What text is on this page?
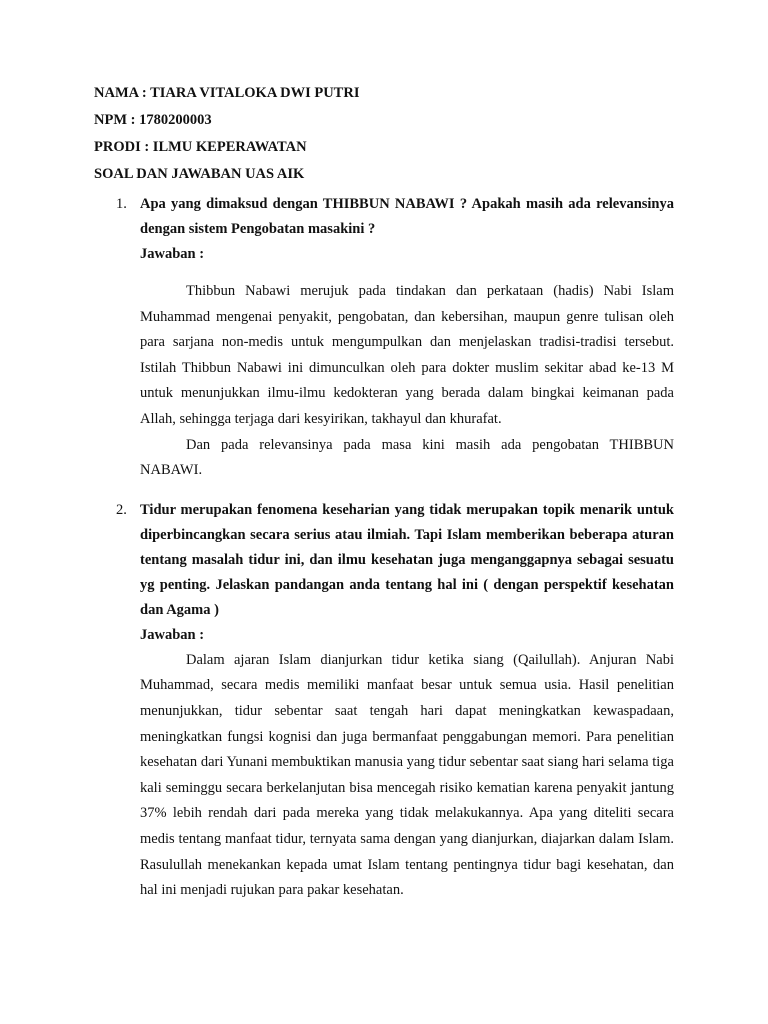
NAMA : TIARA VITALOKA DWI PUTRI
NPM : 1780200003
PRODI : ILMU KEPERAWATAN
SOAL DAN JAWABAN UAS AIK
1. Apa yang dimaksud dengan THIBBUN NABAWI ? Apakah masih ada relevansinya dengan sistem Pengobatan masakini ?
Jawaban :

Thibbun Nabawi merujuk pada tindakan dan perkataan (hadis) Nabi Islam Muhammad mengenai penyakit, pengobatan, dan kebersihan, maupun genre tulisan oleh para sarjana non-medis untuk mengumpulkan dan menjelaskan tradisi-tradisi tersebut. Istilah Thibbun Nabawi ini dimunculkan oleh para dokter muslim sekitar abad ke-13 M untuk menunjukkan ilmu-ilmu kedokteran yang berada dalam bingkai keimanan pada Allah, sehingga terjaga dari kesyirikan, takhayul dan khurafat.

Dan pada relevansinya pada masa kini masih ada pengobatan THIBBUN NABAWI.

2. Tidur merupakan fenomena keseharian yang tidak merupakan topik menarik untuk diperbincangkan secara serius atau ilmiah. Tapi Islam memberikan beberapa aturan tentang masalah tidur ini, dan ilmu kesehatan juga menganggapnya sebagai sesuatu yg penting. Jelaskan pandangan anda tentang hal ini ( dengan perspektif kesehatan dan Agama )
Jawaban :

Dalam ajaran Islam dianjurkan tidur ketika siang (Qailullah). Anjuran Nabi Muhammad, secara medis memiliki manfaat besar untuk semua usia. Hasil penelitian menunjukkan, tidur sebentar saat tengah hari dapat meningkatkan kewaspadaan, meningkatkan fungsi kognisi dan juga bermanfaat penggabungan memori. Para penelitian kesehatan dari Yunani membuktikan manusia yang tidur sebentar saat siang hari selama tiga kali seminggu secara berkelanjutan bisa mencegah risiko kematian karena penyakit jantung 37% lebih rendah dari pada mereka yang tidak melakukannya. Apa yang diteliti secara medis tentang manfaat tidur, ternyata sama dengan yang dianjurkan, diajarkan dalam Islam. Rasulullah menekankan kepada umat Islam tentang pentingnya tidur bagi kesehatan, dan hal ini menjadi rujukan para pakar kesehatan.
